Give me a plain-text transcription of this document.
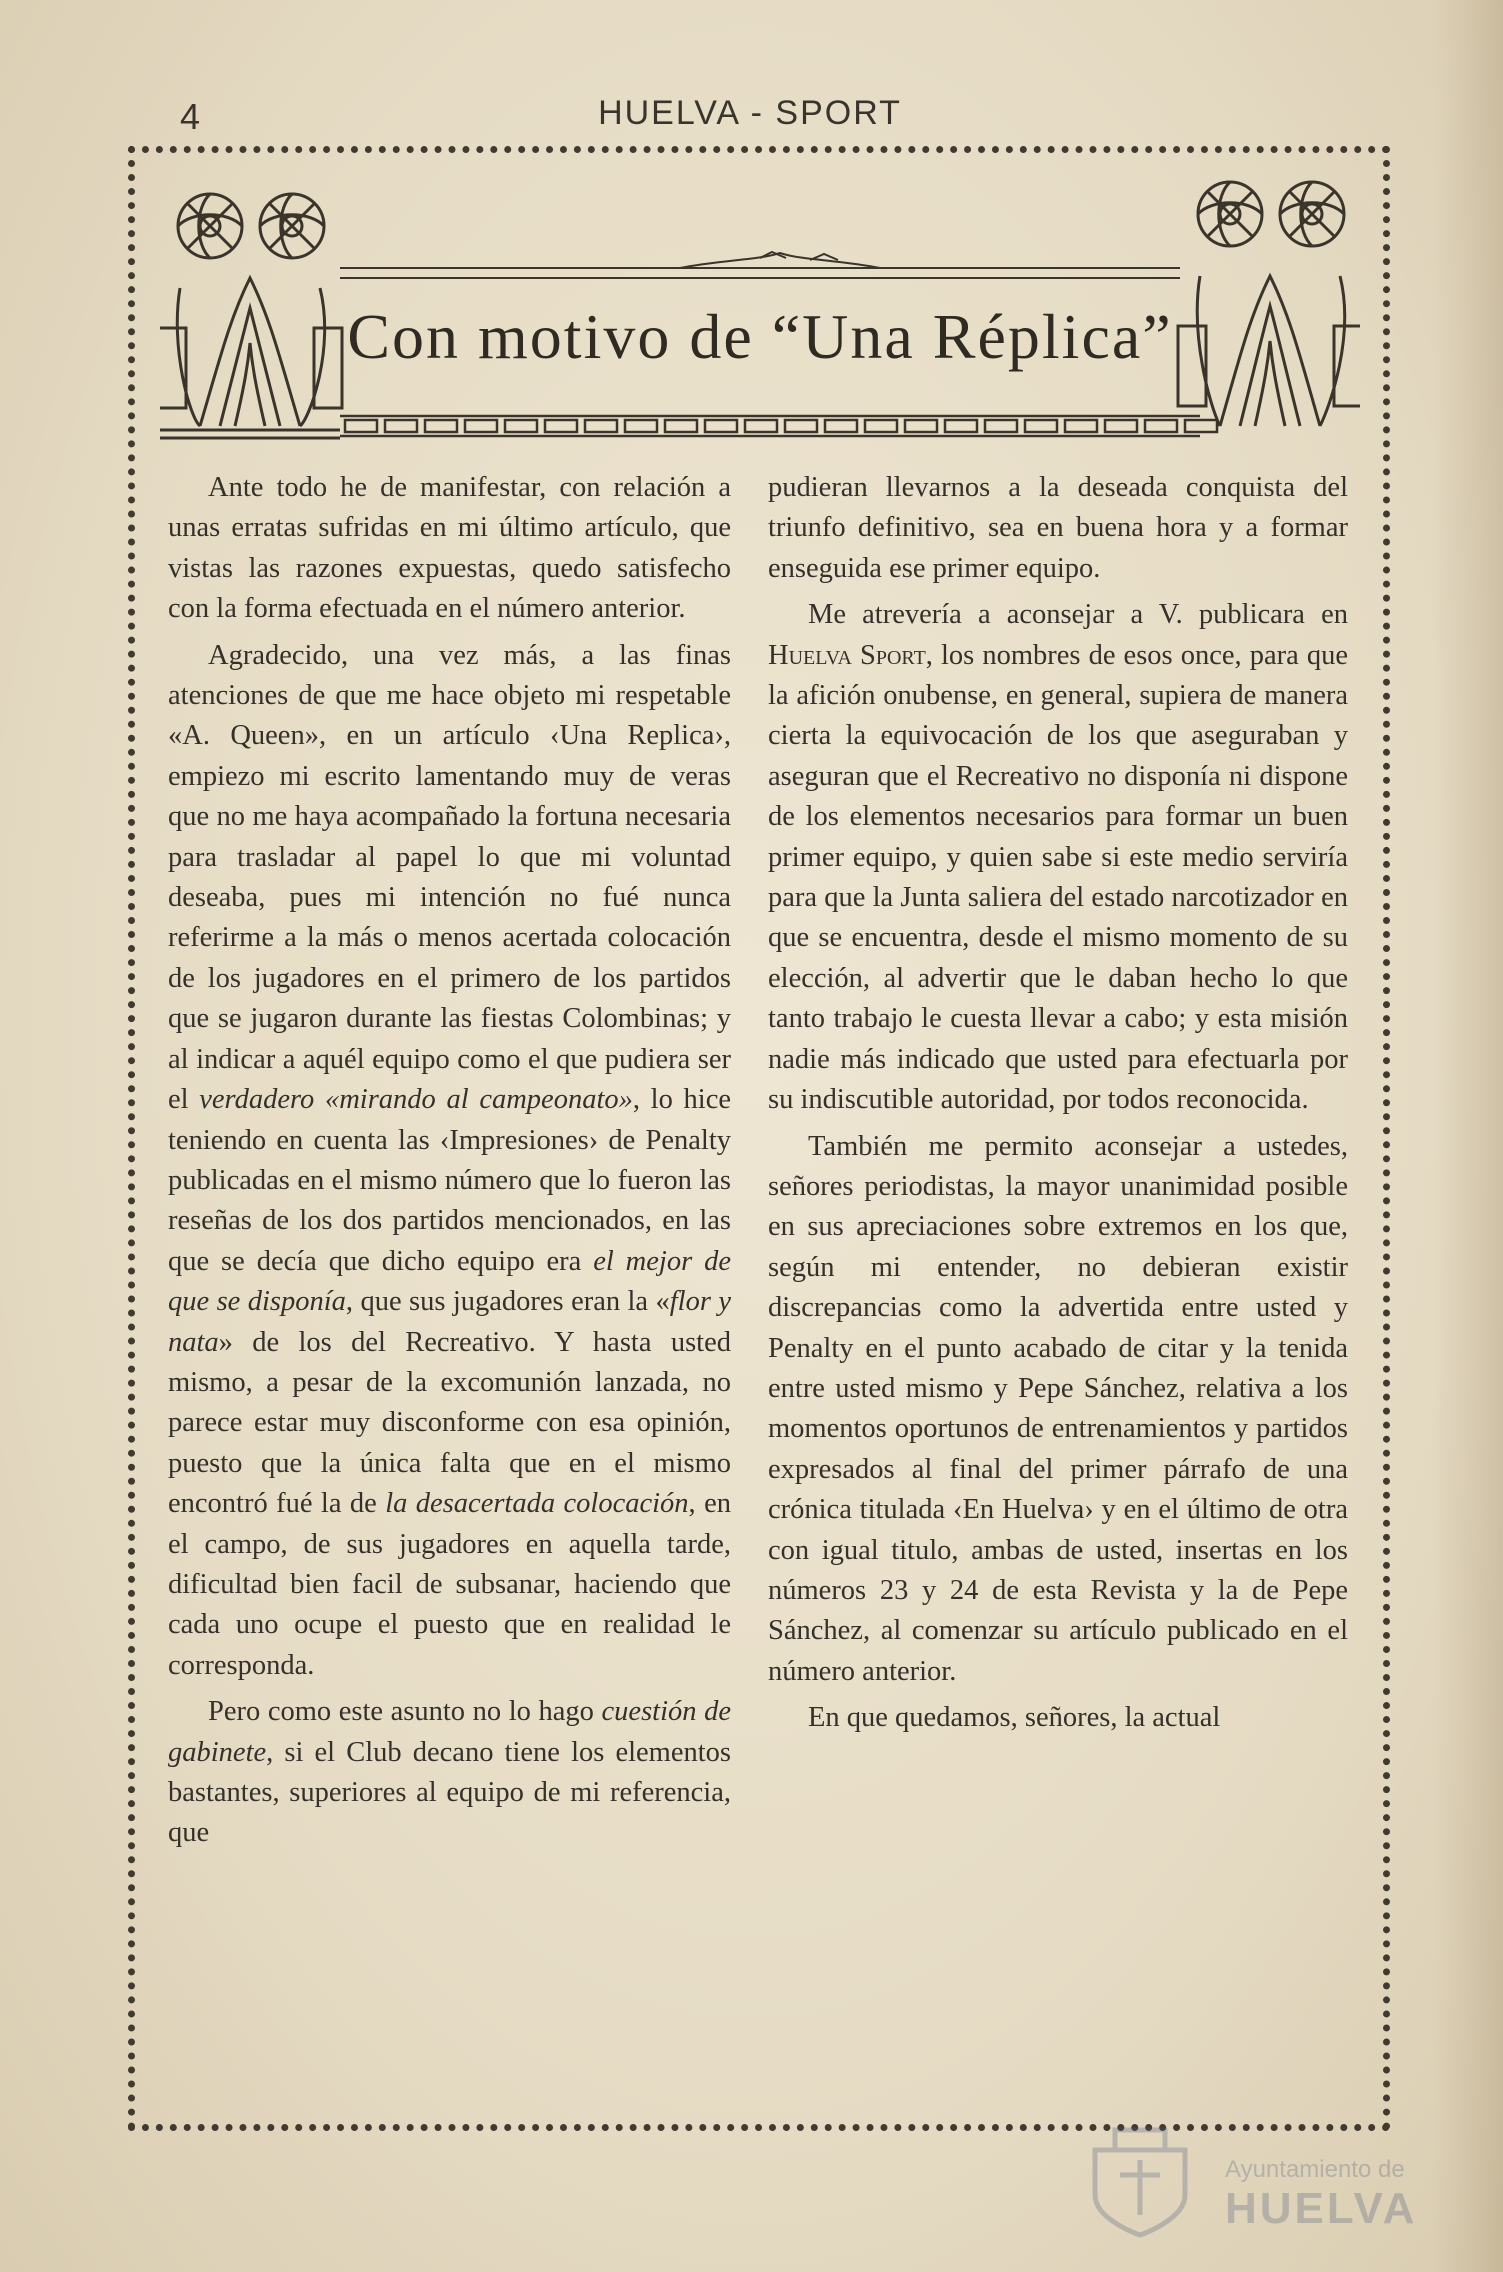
4	HUELVA - SPORT
Con motivo de “Una Réplica”

Ante todo he de manifestar, con relación a unas erratas sufridas en mi último artículo, que vistas las razones expuestas, quedo satisfecho con la forma efectuada en el número anterior.

Agradecido, una vez más, a las finas atenciones de que me hace objeto mi respetable «A. Queen», en un artículo ‹Una Replica›, empiezo mi escrito lamentando muy de veras que no me haya acompañado la fortuna necesaria para trasladar al papel lo que mi voluntad deseaba, pues mi intención no fué nunca referirme a la más o menos acertada colocación de los jugadores en el primero de los partidos que se jugaron durante las fiestas Colombinas; y al indicar a aquél equipo como el que pudiera ser el verdadero «mirando al campeonato», lo hice teniendo en cuenta las ‹Impresiones› de Penalty publicadas en el mismo número que lo fueron las reseñas de los dos partidos mencionados, en las que se decía que dicho equipo era el mejor de que se disponía, que sus jugadores eran la «flor y nata» de los del Recreativo. Y hasta usted mismo, a pesar de la excomunión lanzada, no parece estar muy disconforme con esa opinión, puesto que la única falta que en el mismo encontró fué la de la desacertada colocación, en el campo, de sus jugadores en aquella tarde, dificultad bien facil de subsanar, haciendo que cada uno ocupe el puesto que en realidad le corresponda.

Pero como este asunto no lo hago cuestión de gabinete, si el Club decano tiene los elementos bastantes, superiores al equipo de mi referencia, que

pudieran llevarnos a la deseada conquista del triunfo definitivo, sea en buena hora y a formar enseguida ese primer equipo.

Me atrevería a aconsejar a V. publicara en Huelva Sport, los nombres de esos once, para que la afición onubense, en general, supiera de manera cierta la equivocación de los que aseguraban y aseguran que el Recreativo no disponía ni dispone de los elementos necesarios para formar un buen primer equipo, y quien sabe si este medio serviría para que la Junta saliera del estado narcotizador en que se encuentra, desde el mismo momento de su elección, al advertir que le daban hecho lo que tanto trabajo le cuesta llevar a cabo; y esta misión nadie más indicado que usted para efectuarla por su indiscutible autoridad, por todos reconocida.

También me permito aconsejar a ustedes, señores periodistas, la mayor unanimidad posible en sus apreciaciones sobre extremos en los que, según mi entender, no debieran existir discrepancias como la advertida entre usted y Penalty en el punto acabado de citar y la tenida entre usted mismo y Pepe Sánchez, relativa a los momentos oportunos de entrenamientos y partidos expresados al final del primer párrafo de una crónica titulada ‹En Huelva› y en el último de otra con igual titulo, ambas de usted, insertas en los números 23 y 24 de esta Revista y la de Pepe Sánchez, al comenzar su artículo publicado en el número anterior.

En que quedamos, señores, la actual

Ayuntamiento de
HUELVA
